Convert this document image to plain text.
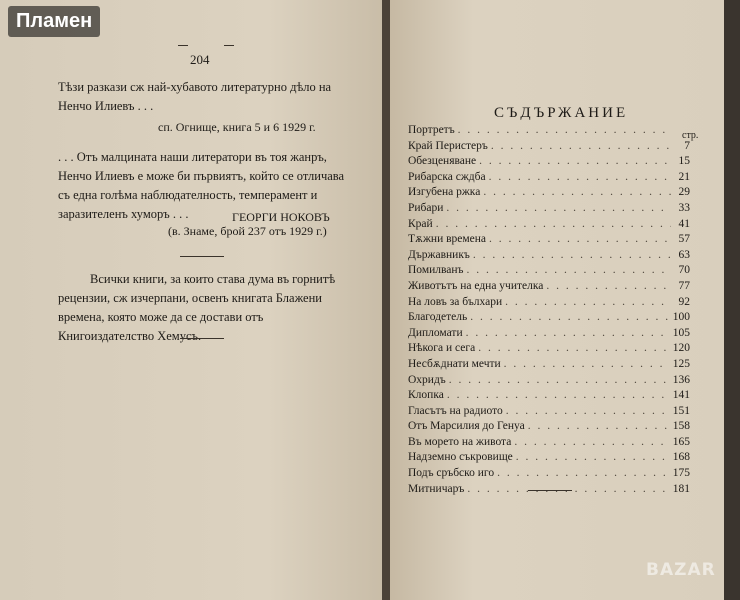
Пламен
204
Тѣзи разкази сж най-хубавото литературно дѣло на Ненчо Илиевъ . . .
сп. Огнище, книга 5 и 6 1929 г.
. . . Отъ малцината наши литератори въ тоя жанръ, Ненчо Илиевъ е може би първиятъ, който се отличава съ една голѣма наблюдателность, темперамент и заразителенъ хуморъ . . .	ГЕОРГИ НОКОВЪ
(в. Знаме, брой 237 отъ 1929 г.)
Всички книги, за които става дума въ горнитѣ рецензии, сж изчерпани, освенъ книгата Блажени времена, която може да се достави отъ Книгоиздателство Хемусъ.
СЪДЪРЖАНИЕ
стр.
Портретъ
. . .
Край Перистеръ . . .	7
Обезценяване . . .	15
Рибарска сждба . . .	21
Изгубена ржка . . .	29
Рибари . . .	33
Край . . .	41
Тѫжни времена . . .	57
Държавникъ . . .	63
Помилванъ . . .	70
Животътъ на една учителка . . .	77
На ловъ за бълхари . . .	92
Благодетель . . .	100
Дипломати . . .	105
Нѣкога и сега . . .	120
Несбѫднати мечти . . .	125
Охридъ . . .	136
Клопка . . .	141
Гласътъ на радиото . . .	151
Отъ Марсилия до Генуа . . .	158
Въ морето на живота . . .	165
Надземно съкровище . . .	168
Подъ сръбско иго . . .	175
Митничаръ . . .	181
BAZAR
